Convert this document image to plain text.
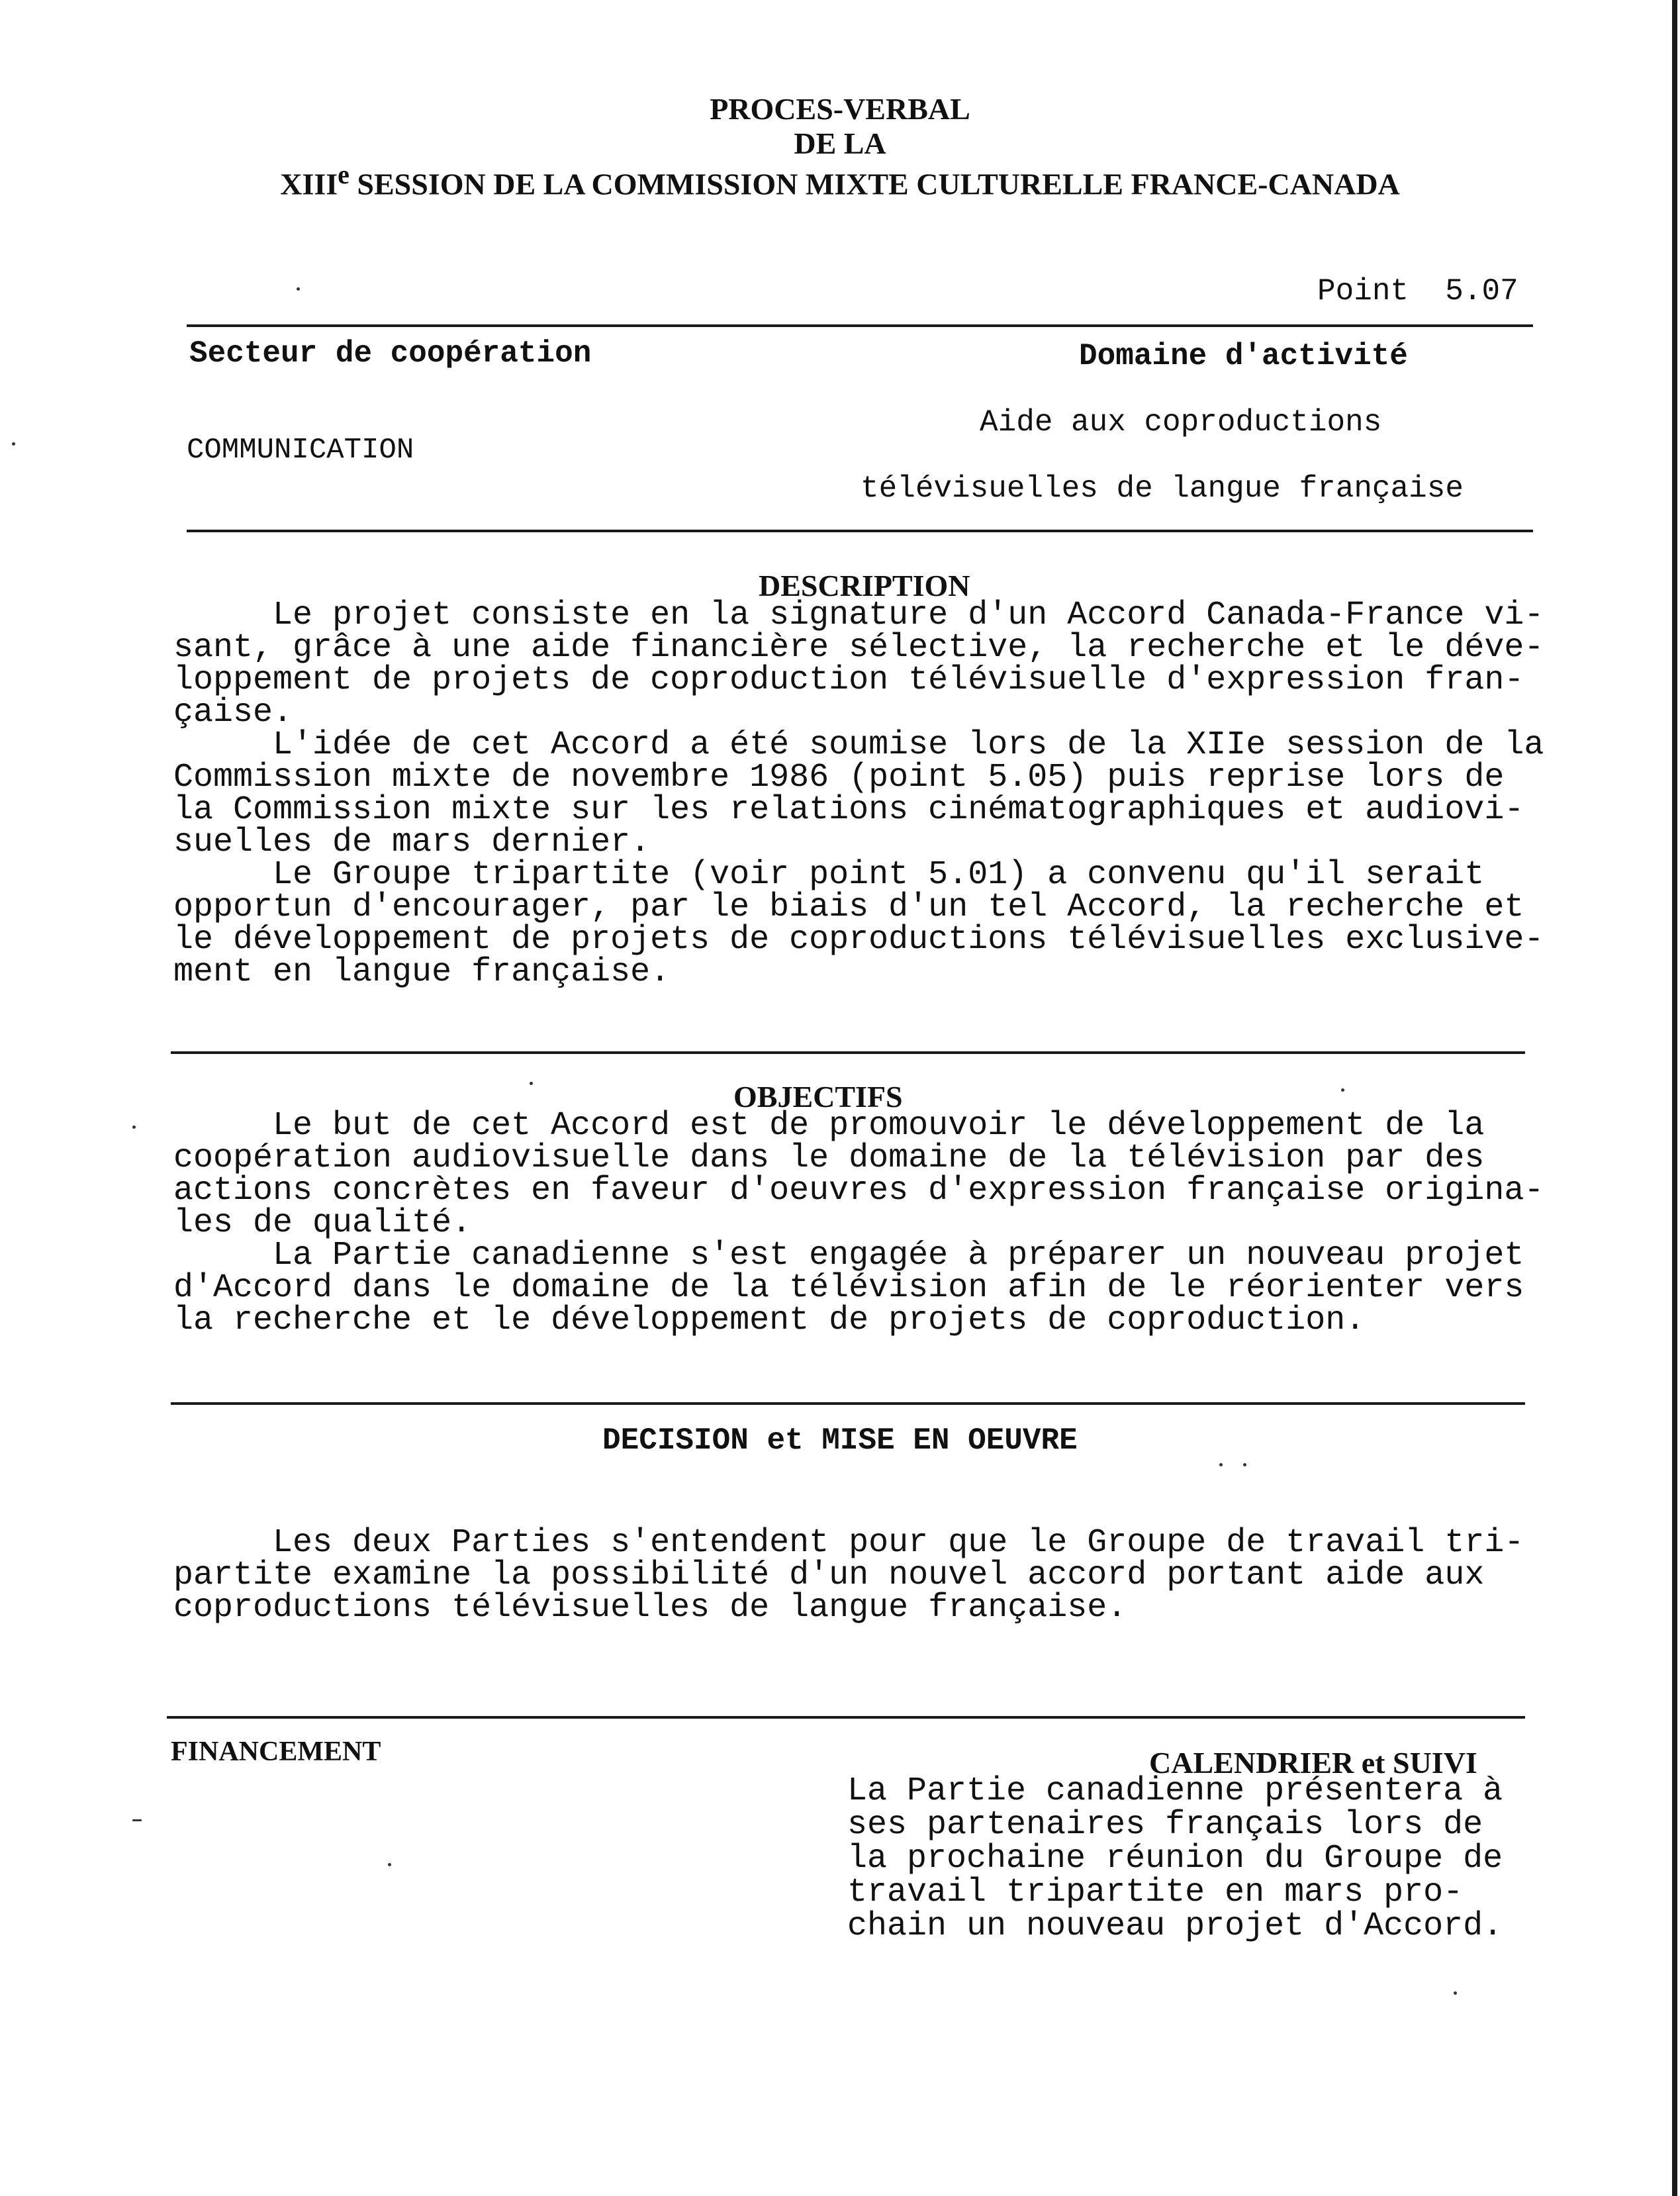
PROCES-VERBAL

DE LA

XIIIe SESSION DE LA COMMISSION MIXTE CULTURELLE FRANCE-CANADA

Point  5.07

Secteur de coopération	Domaine d'activité

Aide aux coproductions

COMMUNICATION

télévisuelles de langue française

DESCRIPTION

Le projet consiste en la signature d'un Accord Canada-France vi-
sant, grâce à une aide financière sélective, la recherche et le déve-
loppement de projets de coproduction télévisuelle d'expression fran-
çaise.
L'idée de cet Accord a été soumise lors de la XIIe session de la
Commission mixte de novembre 1986 (point 5.05) puis reprise lors de
la Commission mixte sur les relations cinématographiques et audiovi-
suelles de mars dernier.
Le Groupe tripartite (voir point 5.01) a convenu qu'il serait
opportun d'encourager, par le biais d'un tel Accord, la recherche et
le développement de projets de coproductions télévisuelles exclusive-
ment en langue française.

OBJECTIFS

Le but de cet Accord est de promouvoir le développement de la
coopération audiovisuelle dans le domaine de la télévision par des
actions concrètes en faveur d'oeuvres d'expression française origina-
les de qualité.
La Partie canadienne s'est engagée à préparer un nouveau projet
d'Accord dans le domaine de la télévision afin de le réorienter vers
la recherche et le développement de projets de coproduction.

DECISION et MISE EN OEUVRE

Les deux Parties s'entendent pour que le Groupe de travail tri-
partite examine la possibilité d'un nouvel accord portant aide aux
coproductions télévisuelles de langue française.

FINANCEMENT	CALENDRIER et SUIVI

La Partie canadienne présentera à
ses partenaires français lors de
la prochaine réunion du Groupe de
travail tripartite en mars pro-
chain un nouveau projet d'Accord.
